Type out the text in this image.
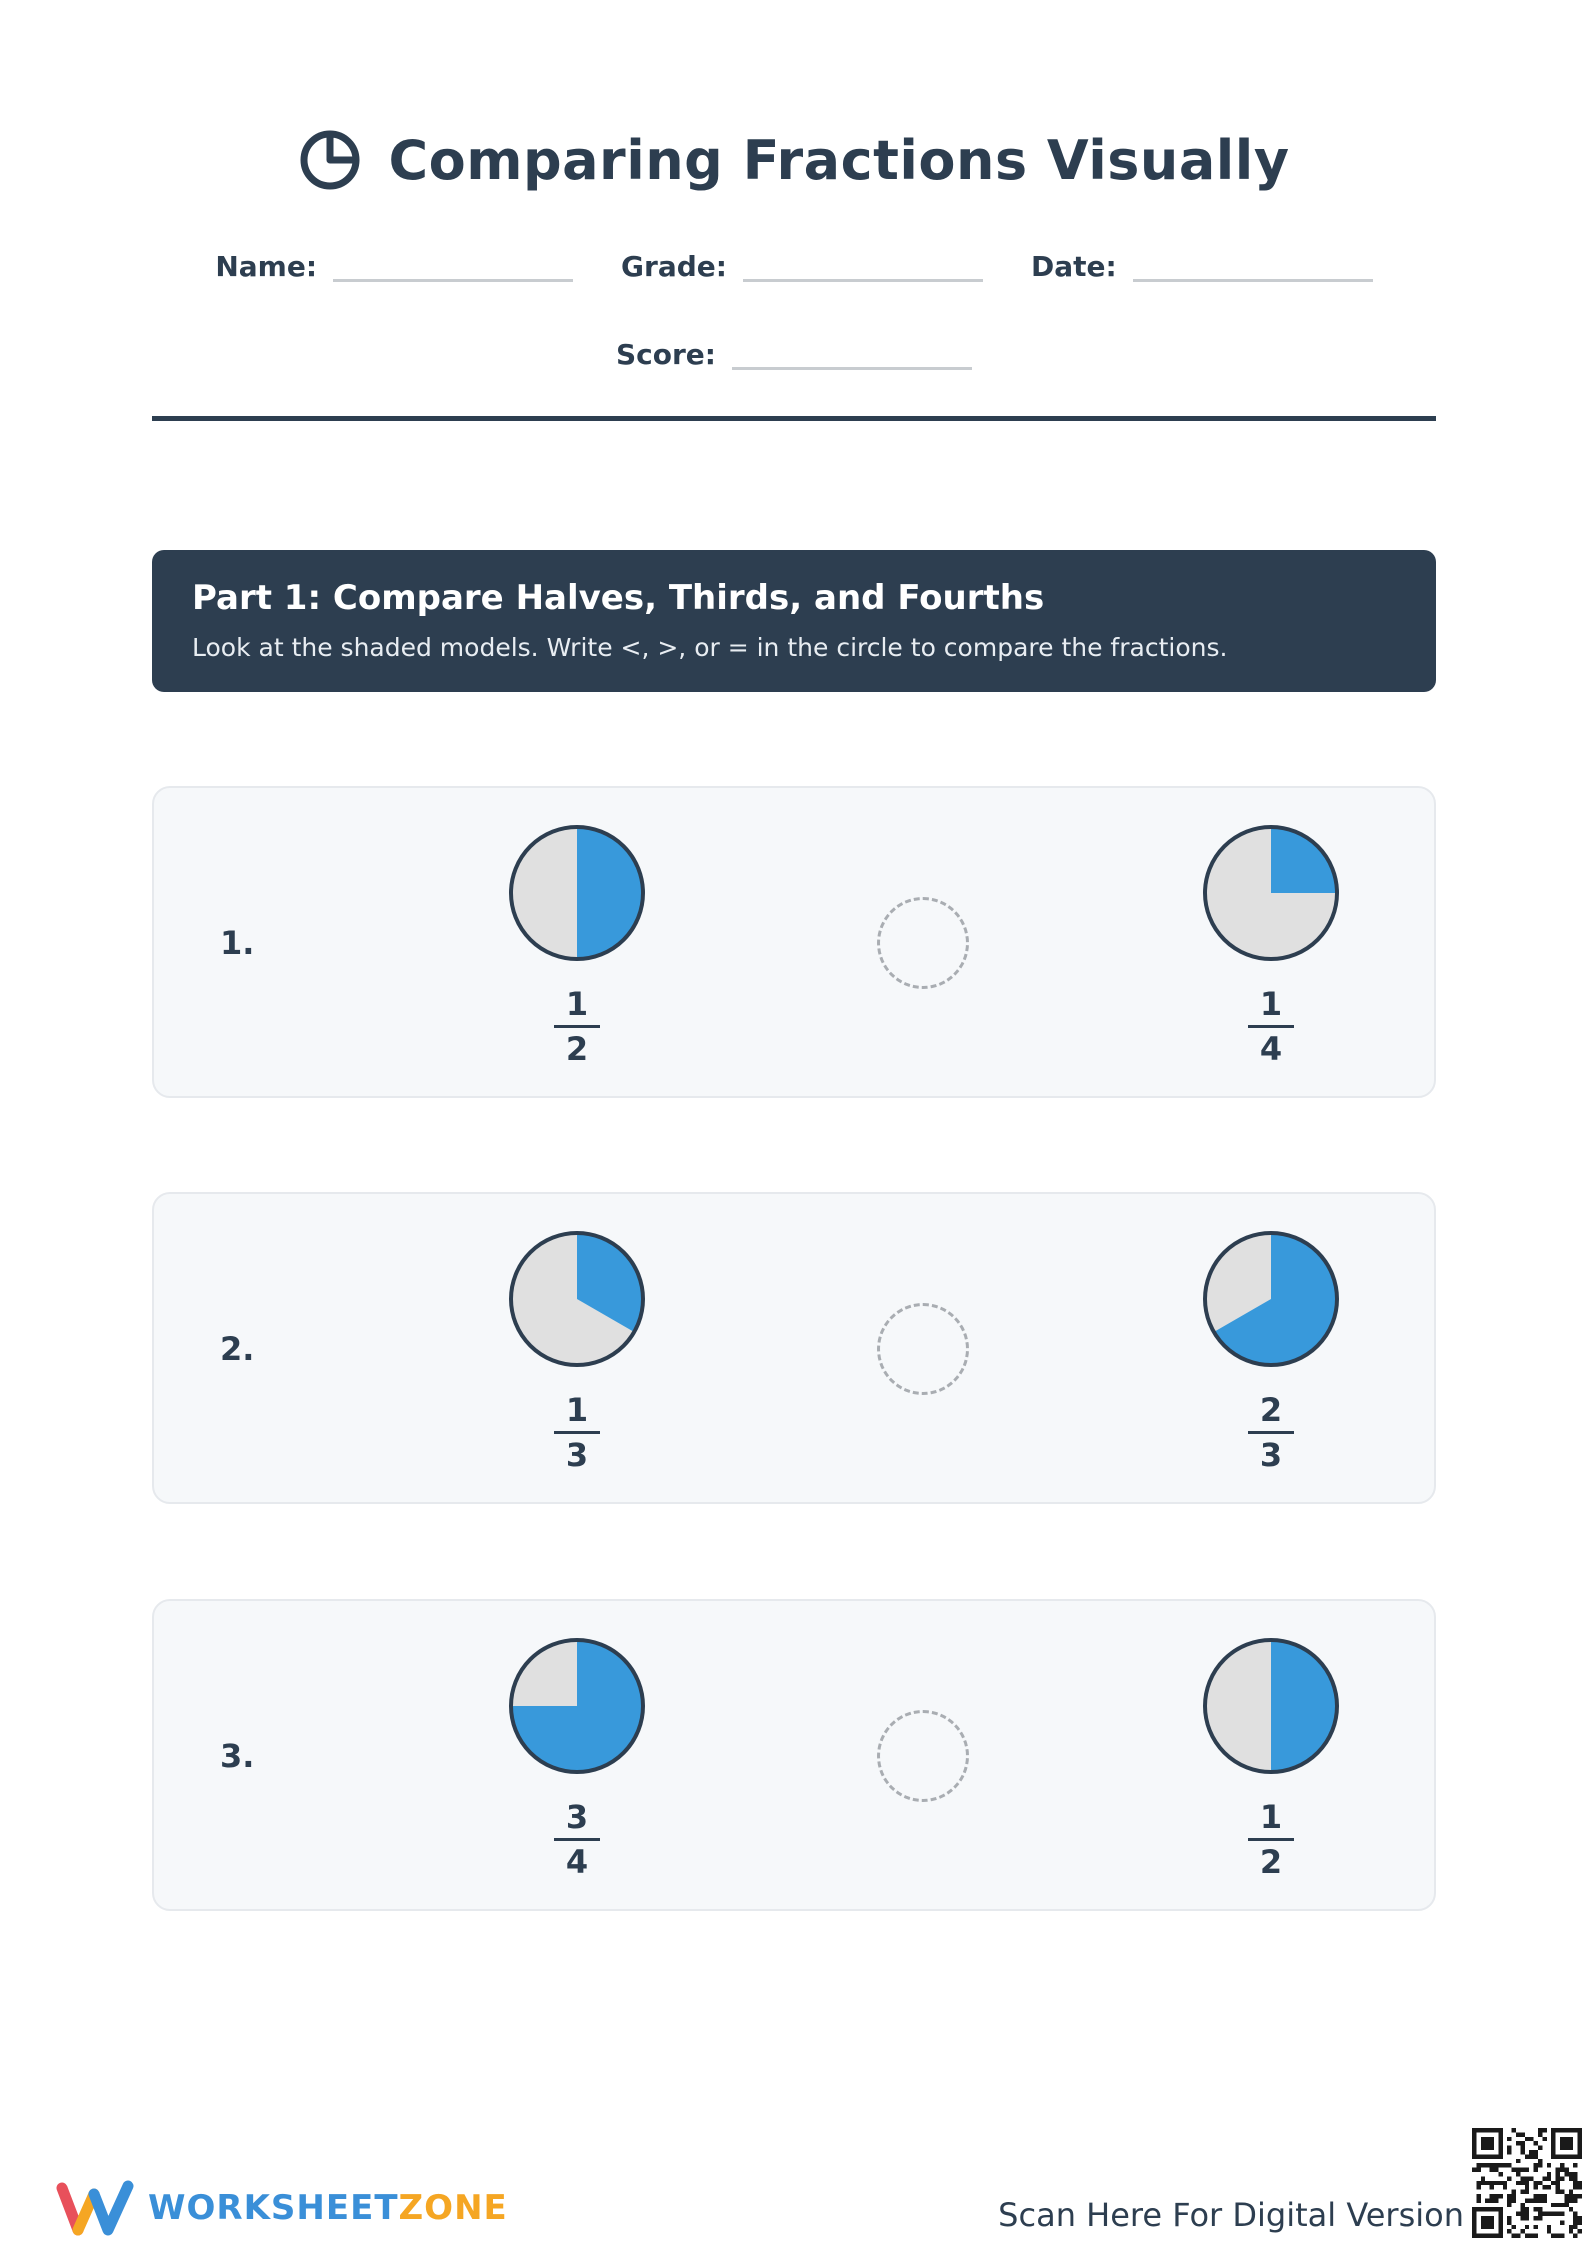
Comparing Fractions Visually
Name:	Grade:	Date:
Score:
Part 1: Compare Halves, Thirds, and Fourths
Look at the shaded models. Write <, >, or = in the circle to compare the fractions.
1.
$\frac{1}{2}$	$\frac{1}{4}$
2.
$\frac{1}{3}$	$\frac{2}{3}$
3.
$\frac{3}{4}$	$\frac{1}{2}$
WORKSHEETZONE	Scan Here For Digital Version
